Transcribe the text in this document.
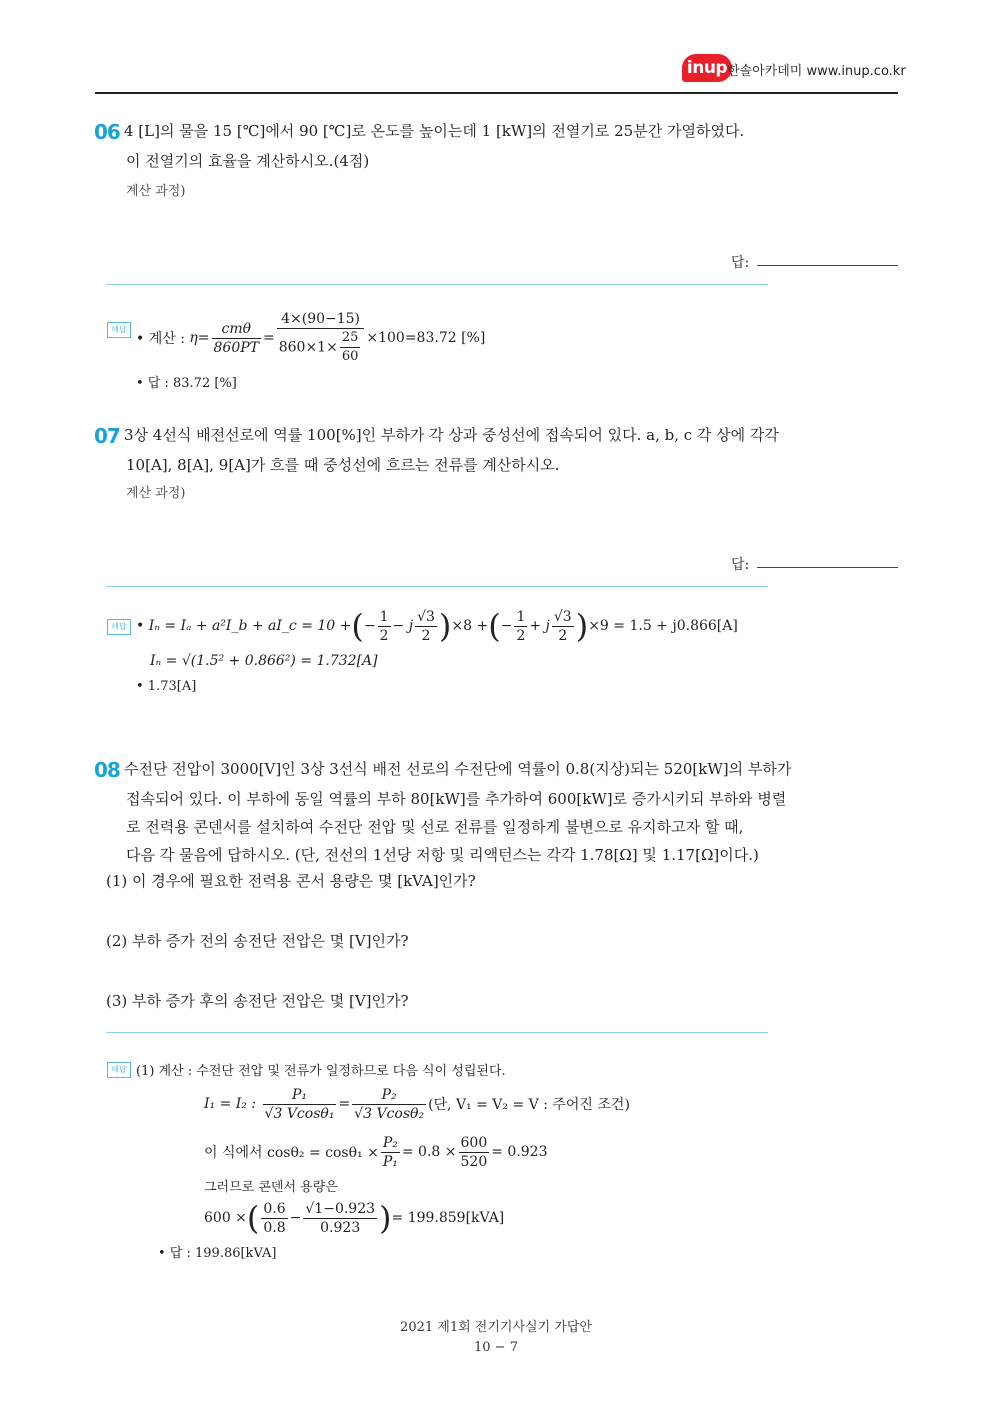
inup 한솔아카데미 www.inup.co.kr
06 4 [L]의 물을 15 [℃]에서 90 [℃]로 온도를 높이는데 1 [kW]의 전열기로 25분간 가열하였다.
이 전열기의 효율을 계산하시오.(4점)
계산 과정)
답:
해답
• 계산 :
$\eta= \frac{\text{cmθ}}{860PT} = \frac{4\times(90-15)}{860\times 1\times \frac{25}{60}} \times 100=83.72$ [%]
• 답 : 83.72 [%]
07 3상 4선식 배전선로에 역률 100[%]인 부하가 각 상과 중성선에 접속되어 있다. a, b, c 각 상에 각각
10[A], 8[A], 9[A]가 흐를 때 중성선에 흐르는 전류를 계산하시오.
계산 과정)
답:
해답 •
Iₙ = Iₐ + a²I_b + aI_c = 10 + ( − $\frac{1}{2} - j \frac{√3}{2}$ ) ×8 + ( − $\frac{1}{2} + j \frac{√3}{2}$ ) ×9 = 1.5 + j0.866[A]
Iₙ = √(1.5² + 0.866²) = 1.732[A]
• 1.73[A]
08 수전단 전압이 3000[V]인 3상 3선식 배전 선로의 수전단에 역률이 0.8(지상)되는 520[kW]의 부하가
접속되어 있다. 이 부하에 동일 역률의 부하 80[kW]를 추가하여 600[kW]로 증가시키되 부하와 병렬
로 전력용 콘덴서를 설치하여 수전단 전압 및 선로 전류를 일정하게 불변으로 유지하고자 할 때,
다음 각 물음에 답하시오. (단, 전선의 1선당 저항 및 리액턴스는 각각 1.78[Ω] 및 1.17[Ω]이다.)
(1) 이 경우에 필요한 전력용 콘서 용량은 몇 [kVA]인가?
(2) 부하 증가 전의 송전단 전압은 몇 [V]인가?
(3) 부하 증가 후의 송전단 전압은 몇 [V]인가?
해답 (1) 계산 : 수전단 전압 및 전류가 일정하므로 다음 식이 성립된다.
I₁ = I₂ :
$\frac{\text{P₁}}{\text{√3 Vcosθ₁}} = \frac{\text{P₂}}{\text{√3 Vcosθ₂}}$ (단, V₁ = V₂ = V : 주어진 조건)
이 식에서 $\cos\theta_2 = \cos\theta_1 \times \frac{\text{P₂}}{\text{P₁}} = 0.8 \times \frac{600}{520} = 0.923$
그러므로 콘덴서 용량은
600 × ( $\frac{0.6}{0.8} - \frac{√1-0.923}{0.923}$ ) = 199.859[kVA]
• 답 : 199.86[kVA]
2021 제1회 전기기사실기 가답안
10 − 7
